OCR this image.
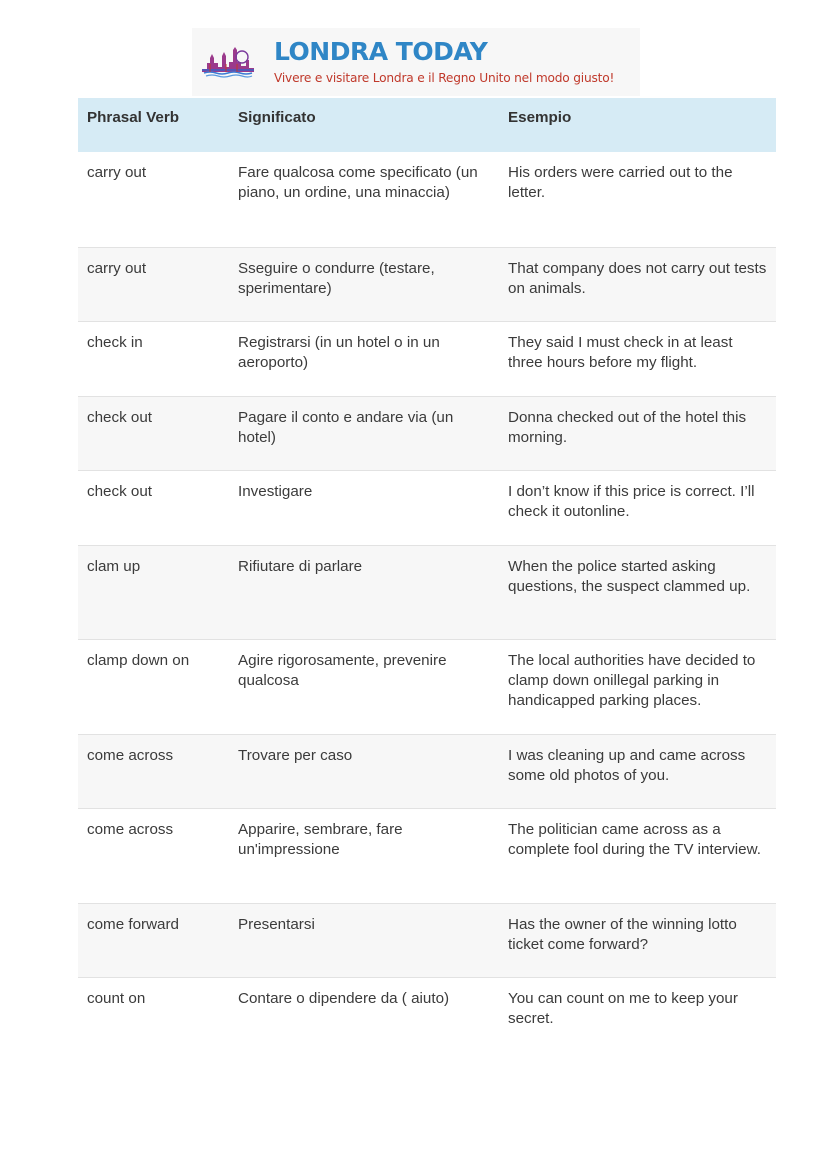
LONDRA TODAY
Vivere e visitare Londra e il Regno Unito nel modo giusto!
Phrasal Verb	Significato	Esempio
carry out	Fare qualcosa come specificato (un piano, un ordine, una minaccia)	His orders were carried out to the letter.
carry out	Sseguire o condurre (testare, sperimentare)	That company does not carry out tests on animals.
check in	Registrarsi (in un hotel o in un aeroporto)	They said I must check in at least three hours before my flight.
check out	Pagare il conto e andare via (un hotel)	Donna checked out of the hotel this morning.
check out	Investigare	I don’t know if this price is correct. I’ll check it outonline.
clam up	Rifiutare di parlare	When the police started asking questions, the suspect clammed up.
clamp down on	Agire rigorosamente, prevenire qualcosa	The local authorities have decided to clamp down onillegal parking in handicapped parking places.
come across	Trovare per caso	I was cleaning up and came across some old photos of you.
come across	Apparire, sembrare, fare un'impressione	The politician came across as a complete fool during the TV interview.
come forward	Presentarsi	Has the owner of the winning lotto ticket come forward?
count on	Contare o dipendere da ( aiuto)	You can count on me to keep your secret.
